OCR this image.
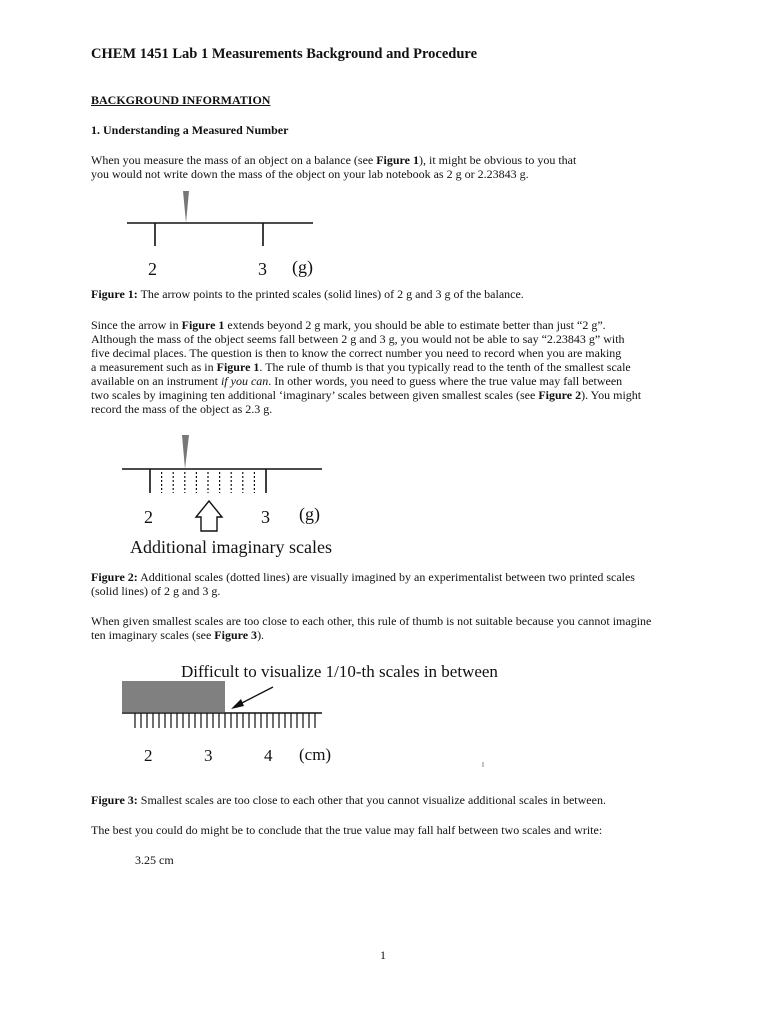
CHEM 1451 Lab 1 Measurements Background and Procedure
BACKGROUND INFORMATION
1. Understanding a Measured Number

When you measure the mass of an object on a balance (see Figure 1), it might be obvious to you that

you would not write down the mass of the object on your lab notebook as 2 g or 2.23843 g.

2	3 (g)

Figure 1: The arrow points to the printed scales (solid lines) of 2 g and 3 g of the balance.

Since the arrow in Figure 1 extends beyond 2 g mark, you should be able to estimate better than just “2 g”.

Although the mass of the object seems fall between 2 g and 3 g, you would not be able to say “2.23843 g” with

five decimal places. The question is then to know the correct number you need to record when you are making

a measurement such as in Figure 1. The rule of thumb is that you typically read to the tenth of the smallest scale

available on an instrument if you can. In other words, you need to guess where the true value may fall between

two scales by imagining ten additional ‘imaginary’ scales between given smallest scales (see Figure 2). You might

record the mass of the object as 2.3 g.

2	3 (g)
Additional imaginary scales

Figure 2: Additional scales (dotted lines) are visually imagined by an experimentalist between two printed scales

(solid lines) of 2 g and 3 g.

When given smallest scales are too close to each other, this rule of thumb is not suitable because you cannot imagine

ten imaginary scales (see Figure 3).

Difficult to visualize 1/10-th scales in between
2	3	4 (cm)

Figure 3: Smallest scales are too close to each other that you cannot visualize additional scales in between.

The best you could do might be to conclude that the true value may fall half between two scales and write:

3.25 cm
1
